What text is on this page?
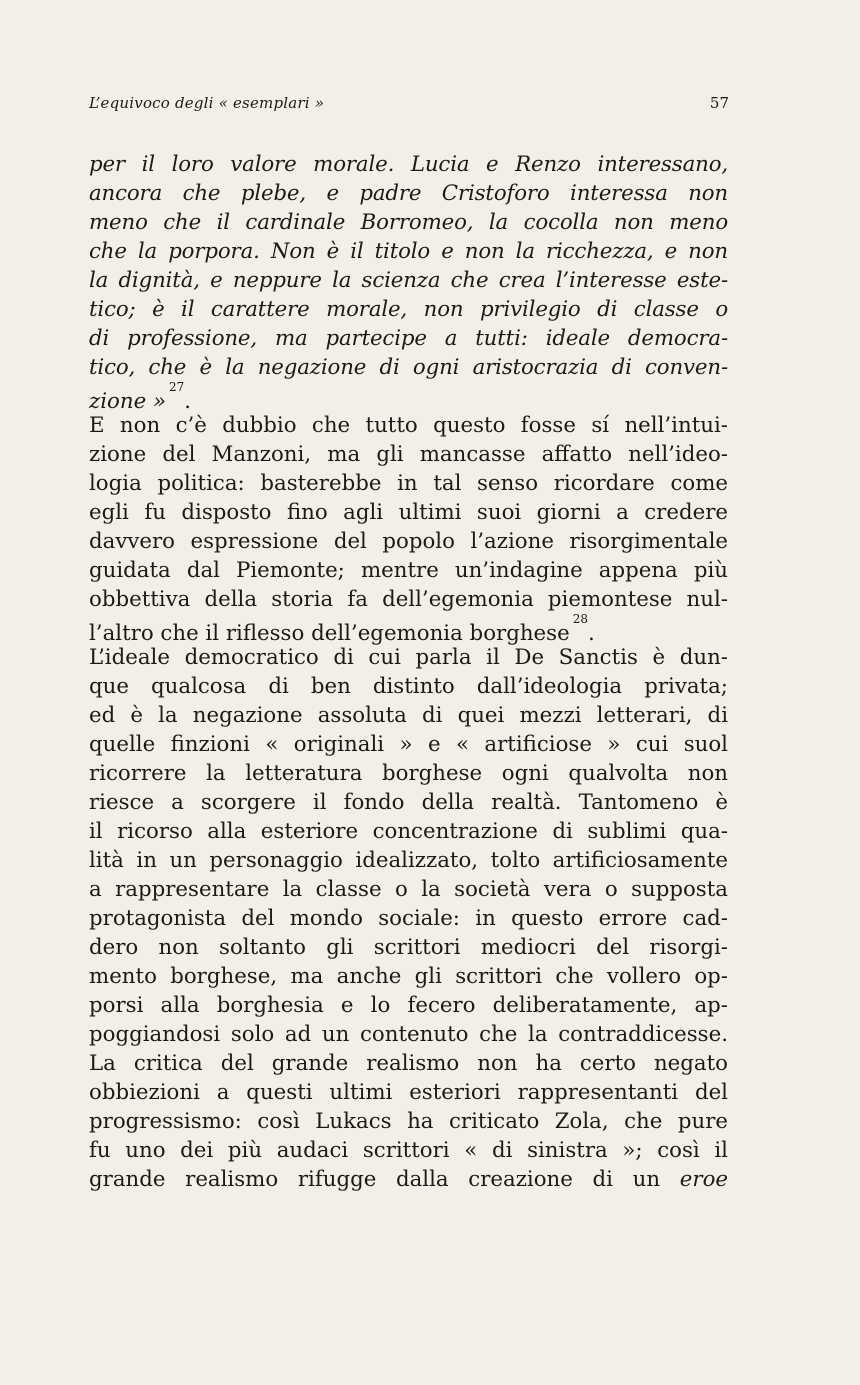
L’equivoco degli « esemplari »	57
per il loro valore morale. Lucia e Renzo interessano,
ancora che plebe, e padre Cristoforo interessa non
meno che il cardinale Borromeo, la cocolla non meno
che la porpora. Non è il titolo e non la ricchezza, e non
la dignità, e neppure la scienza che crea l’interesse este-
tico; è il carattere morale, non privilegio di classe o
di professione, ma partecipe a tutti: ideale democra-
tico, che è la negazione di ogni aristocrazia di conven-
zione »$^{27}$.
E non c’è dubbio che tutto questo fosse sí nell’intui-
zione del Manzoni, ma gli mancasse affatto nell’ideo-
logia politica: basterebbe in tal senso ricordare come
egli fu disposto fino agli ultimi suoi giorni a credere
davvero espressione del popolo l’azione risorgimentale
guidata dal Piemonte; mentre un’indagine appena più
obbettiva della storia fa dell’egemonia piemontese nul-
l’altro che il riflesso dell’egemonia borghese$^{28}$.
L’ideale democratico di cui parla il De Sanctis è dun-
que qualcosa di ben distinto dall’ideologia privata;
ed è la negazione assoluta di quei mezzi letterari, di
quelle finzioni « originali » e « artificiose » cui suol
ricorrere la letteratura borghese ogni qualvolta non
riesce a scorgere il fondo della realtà. Tantomeno è
il ricorso alla esteriore concentrazione di sublimi qua-
lità in un personaggio idealizzato, tolto artificiosamente
a rappresentare la classe o la società vera o supposta
protagonista del mondo sociale: in questo errore cad-
dero non soltanto gli scrittori mediocri del risorgi-
mento borghese, ma anche gli scrittori che vollero op-
porsi alla borghesia e lo fecero deliberatamente, ap-
poggiandosi solo ad un contenuto che la contraddicesse.
La critica del grande realismo non ha certo negato
obbiezioni a questi ultimi esteriori rappresentanti del
progressismo: così Lukacs ha criticato Zola, che pure
fu uno dei più audaci scrittori « di sinistra »; così il
grande realismo rifugge dalla creazione di un eroe
